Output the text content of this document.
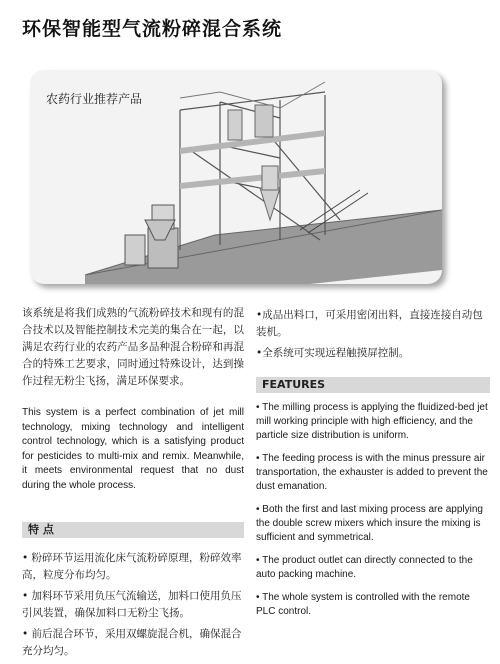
环保智能型气流粉碎混合系统
农药行业推荐产品

该系统是将我们成熟的气流粉碎技术和现有的混合技术以及智能控制技术完美的集合在一起，以满足农药行业的农药产品多品种混合粉碎和再混合的特殊工艺要求，同时通过特殊设计，达到操作过程无粉尘飞扬，满足环保要求。

This system is a perfect combination of jet mill technology, mixing technology and intelligent control technology, which is a satisfying product for pesticides to multi-mix and remix. Meanwhile, it meets environmental request that no dust during the whole process.

特 点
• 粉碎环节运用流化床气流粉碎原理，粉碎效率高，粒度分布均匀。
• 加料环节采用负压气流输送，加料口使用负压引风装置，确保加料口无粉尘飞扬。
• 前后混合环节，采用双螺旋混合机，确保混合充分均匀。
•成品出料口，可采用密闭出料，直接连接自动包装机。
•全系统可实现远程触摸屏控制。
FEATURES
• The milling process is applying the fluidized-bed jet mill working principle with high efficiency, and the particle size distribution is uniform.
• The feeding process is with the minus pressure air transportation, the exhauster is added to prevent the dust emanation.
• Both the first and last mixing process are applying the double screw mixers which insure the mixing is sufficient and symmetrical.
• The product outlet can directly connected to the auto packing machine.
• The whole system is controlled with the remote PLC control.
